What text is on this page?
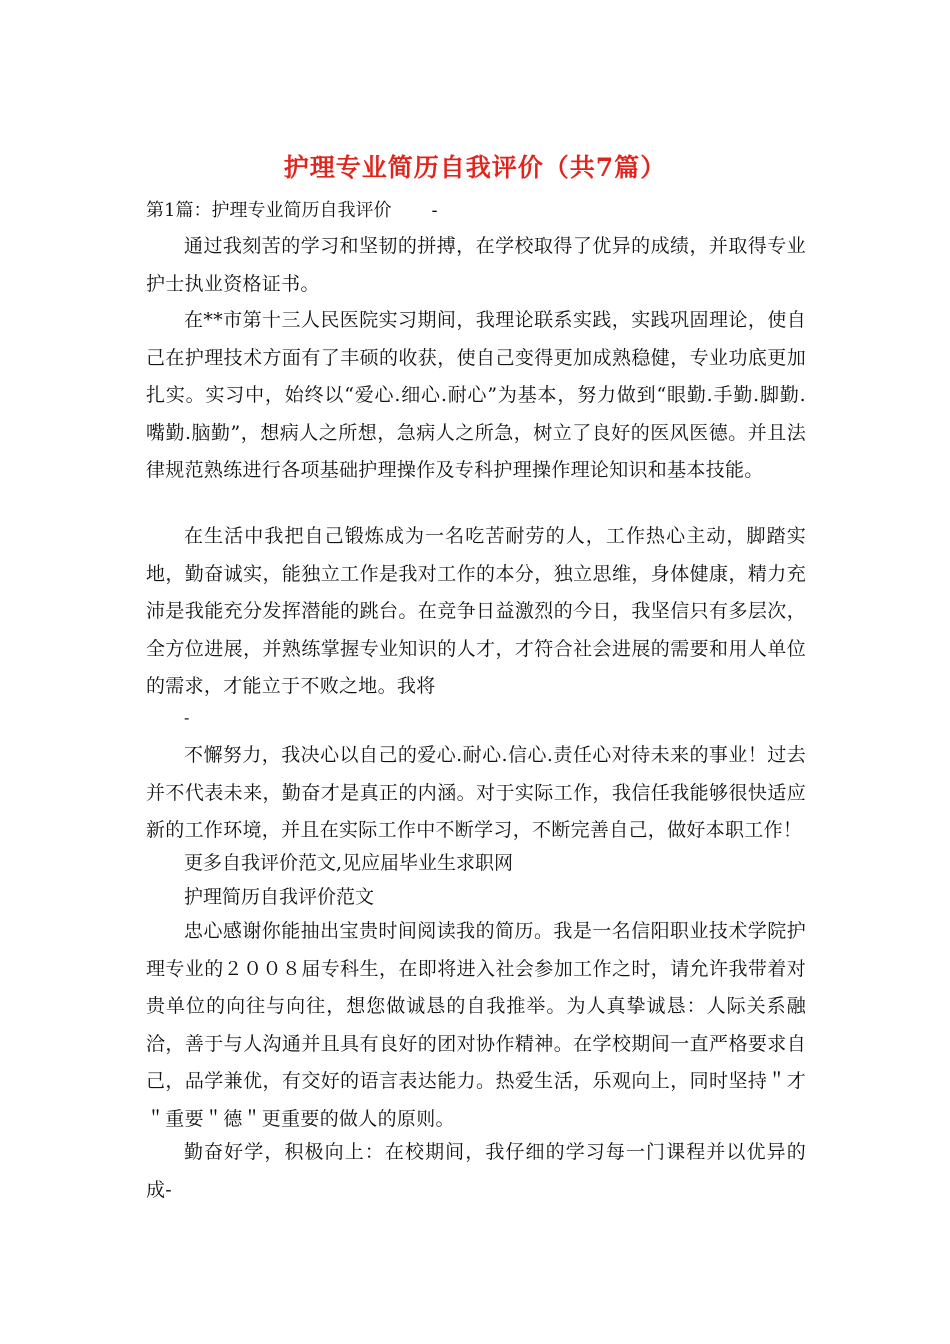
护理专业简历自我评价（共7篇）
第1篇：护理专业简历自我评价 -
通过我刻苦的学习和坚韧的拼搏，在学校取得了优异的成绩，并取得专业护士执业资格证书。
在**市第十三人民医院实习期间，我理论联系实践，实践巩固理论，使自己在护理技术方面有了丰硕的收获，使自己变得更加成熟稳健，专业功底更加扎实。实习中，始终以“爱心.细心.耐心”为基本，努力做到“眼勤.手勤.脚勤.嘴勤.脑勤”，想病人之所想，急病人之所急，树立了良好的医风医德。并且法律规范熟练进行各项基础护理操作及专科护理操作理论知识和基本技能。
在生活中我把自己锻炼成为一名吃苦耐劳的人，工作热心主动，脚踏实地，勤奋诚实，能独立工作是我对工作的本分，独立思维，身体健康，精力充沛是我能充分发挥潜能的跳台。在竞争日益激烈的今日，我坚信只有多层次，全方位进展，并熟练掌握专业知识的人才，才符合社会进展的需要和用人单位的需求，才能立于不败之地。我将
-
不懈努力，我决心以自己的爱心.耐心.信心.责任心对待未来的事业！过去并不代表未来，勤奋才是真正的内涵。对于实际工作，我信任我能够很快适应新的工作环境，并且在实际工作中不断学习，不断完善自己，做好本职工作！
更多自我评价范文,见应届毕业生求职网
护理简历自我评价范文
忠心感谢你能抽出宝贵时间阅读我的简历。我是一名信阳职业技术学院护理专业的２００８届专科生，在即将进入社会参加工作之时，请允许我带着对贵单位的向往与向往，想您做诚恳的自我推举。为人真挚诚恳：人际关系融洽，善于与人沟通并且具有良好的团对协作精神。在学校期间一直严格要求自己，品学兼优，有交好的语言表达能力。热爱生活，乐观向上，同时坚持＂才＂重要＂德＂更重要的做人的原则。
勤奋好学，积极向上：在校期间，我仔细的学习每一门课程并以优异的成-
